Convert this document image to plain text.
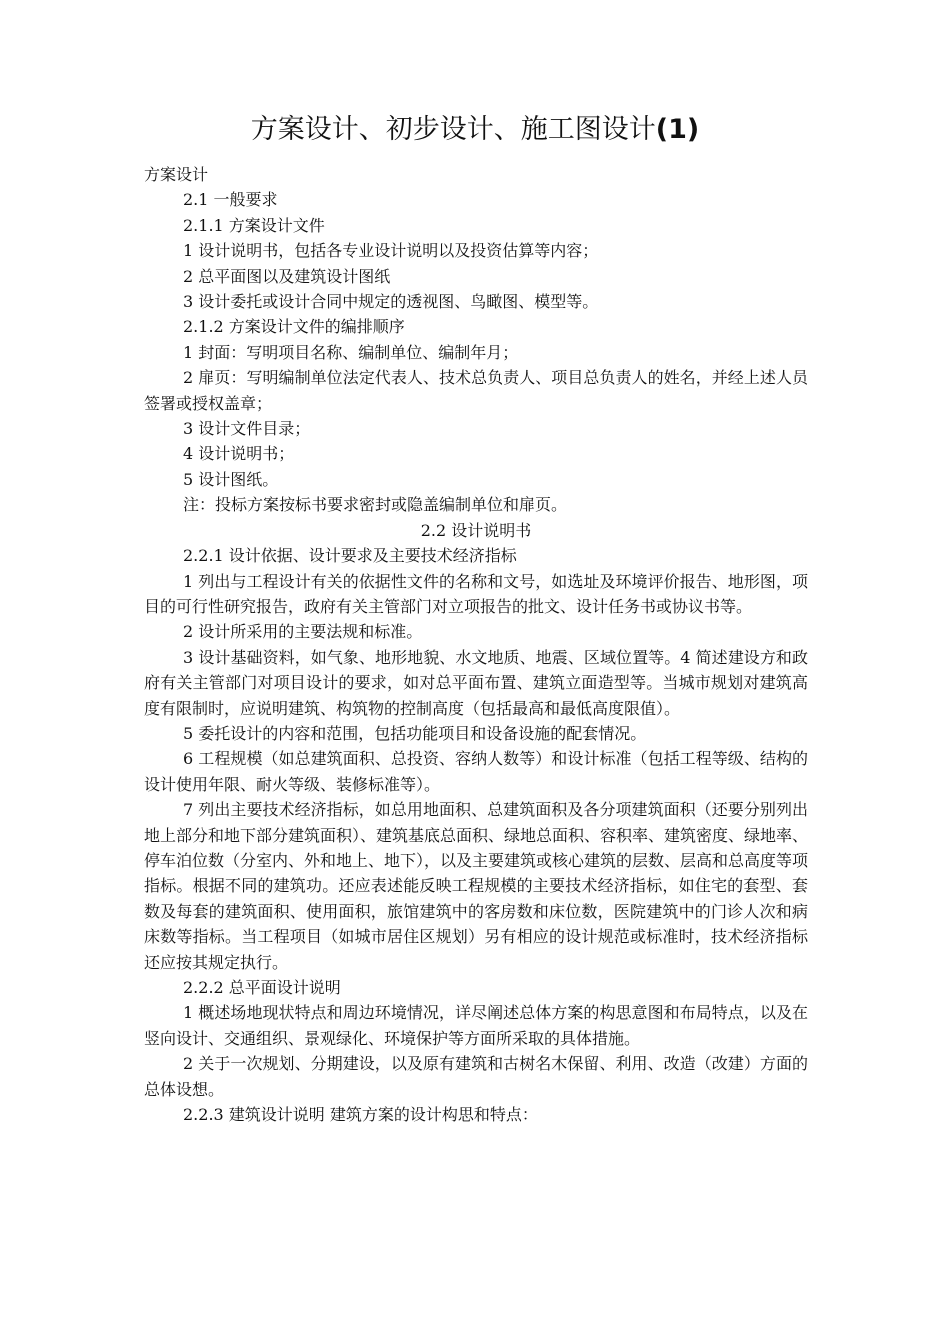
方案设计、初步设计、施工图设计(1)

方案设计

2.1 一般要求

2.1.1 方案设计文件

1 设计说明书，包括各专业设计说明以及投资估算等内容；

2 总平面图以及建筑设计图纸

3 设计委托或设计合同中规定的透视图、鸟瞰图、模型等。

2.1.2 方案设计文件的编排顺序

1 封面：写明项目名称、编制单位、编制年月；

2 扉页：写明编制单位法定代表人、技术总负责人、项目总负责人的姓名，并经上述人员签署或授权盖章；

3 设计文件目录；

4 设计说明书；

5 设计图纸。

注：投标方案按标书要求密封或隐盖编制单位和扉页。

2.2 设计说明书

2.2.1 设计依据、设计要求及主要技术经济指标

1 列出与工程设计有关的依据性文件的名称和文号，如选址及环境评价报告、地形图，项目的可行性研究报告，政府有关主管部门对立项报告的批文、设计任务书或协议书等。

2 设计所采用的主要法规和标准。

3 设计基础资料，如气象、地形地貌、水文地质、地震、区域位置等。4 简述建设方和政府有关主管部门对项目设计的要求，如对总平面布置、建筑立面造型等。当城市规划对建筑高度有限制时，应说明建筑、构筑物的控制高度（包括最高和最低高度限值）。

5 委托设计的内容和范围，包括功能项目和设备设施的配套情况。

6 工程规模（如总建筑面积、总投资、容纳人数等）和设计标准（包括工程等级、结构的设计使用年限、耐火等级、装修标准等）。

7 列出主要技术经济指标，如总用地面积、总建筑面积及各分项建筑面积（还要分别列出地上部分和地下部分建筑面积）、建筑基底总面积、绿地总面积、容积率、建筑密度、绿地率、停车泊位数（分室内、外和地上、地下），以及主要建筑或核心建筑的层数、层高和总高度等项指标。根据不同的建筑功。还应表述能反映工程规模的主要技术经济指标，如住宅的套型、套数及每套的建筑面积、使用面积，旅馆建筑中的客房数和床位数，医院建筑中的门诊人次和病床数等指标。当工程项目（如城市居住区规划）另有相应的设计规范或标准时，技术经济指标还应按其规定执行。

2.2.2 总平面设计说明

1 概述场地现状特点和周边环境情况，详尽阐述总体方案的构思意图和布局特点，以及在竖向设计、交通组织、景观绿化、环境保护等方面所采取的具体措施。

2 关于一次规划、分期建设，以及原有建筑和古树名木保留、利用、改造（改建）方面的总体设想。

2.2.3 建筑设计说明 建筑方案的设计构思和特点：
